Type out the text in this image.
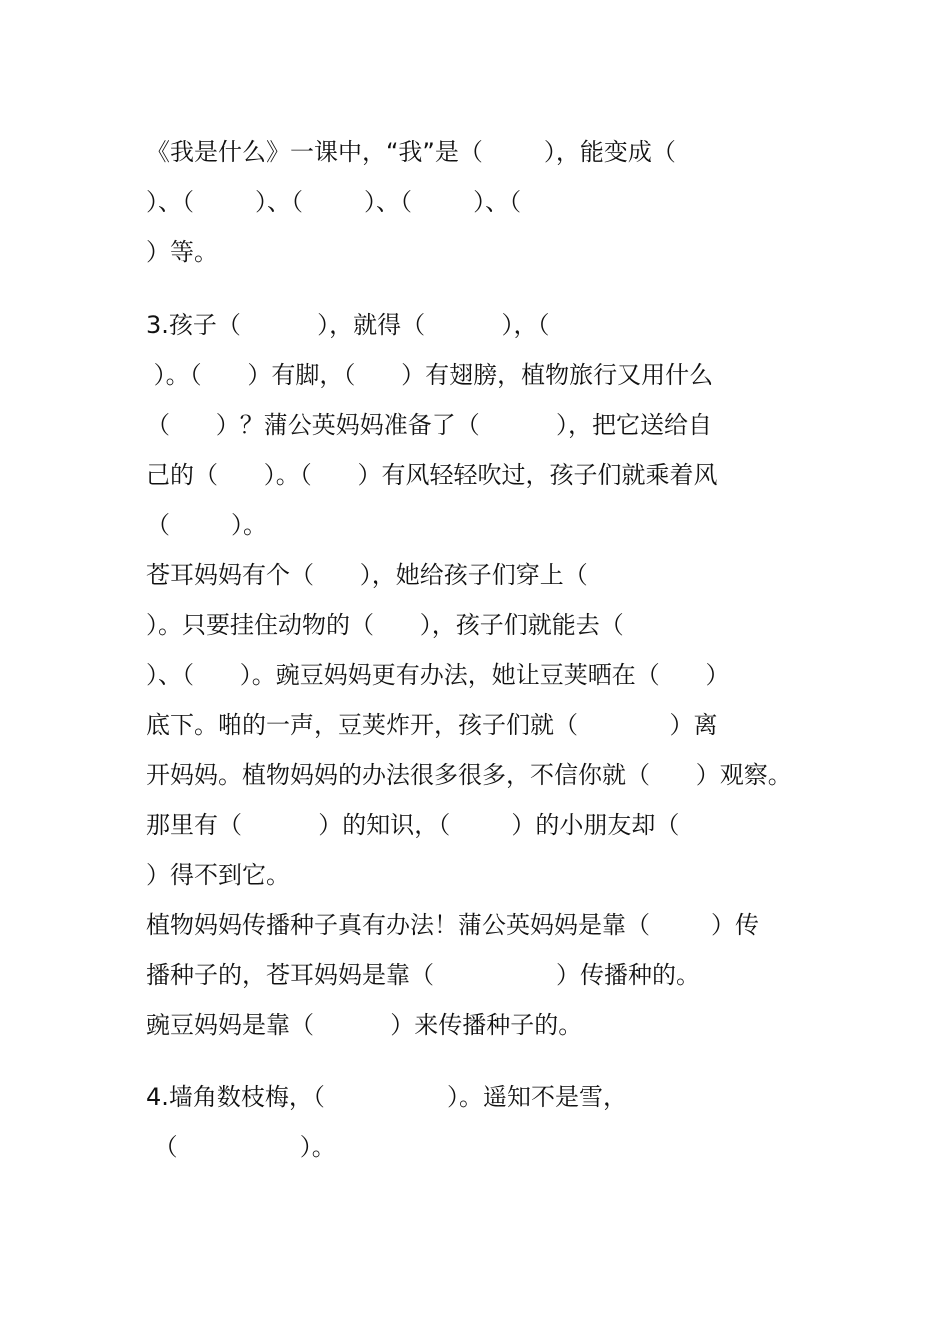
《我是什么》一课中，“我”是（        ），能变成（

）、（        ）、（        ）、（        ）、（

）等。

3.孩子（          ），就得（          ），（

）。（      ）有脚，（      ）有翅膀，植物旅行又用什么

（      ）？蒲公英妈妈准备了（          ），把它送给自

己的（      ）。（      ）有风轻轻吹过，孩子们就乘着风

（        ）。

苍耳妈妈有个（      ），她给孩子们穿上（

）。只要挂住动物的（      ），孩子们就能去（

）、（      ）。豌豆妈妈更有办法，她让豆荚晒在（      ）

底下。啪的一声，豆荚炸开，孩子们就（            ）离

开妈妈。植物妈妈的办法很多很多，不信你就（      ）观察。

那里有（          ）的知识，（        ）的小朋友却（

）得不到它。

植物妈妈传播种子真有办法！蒲公英妈妈是靠（        ）传

播种子的，苍耳妈妈是靠（                ）传播种的。

豌豆妈妈是靠（          ）来传播种子的。

4.墙角数枝梅，（                ）。遥知不是雪，

（                ）。
